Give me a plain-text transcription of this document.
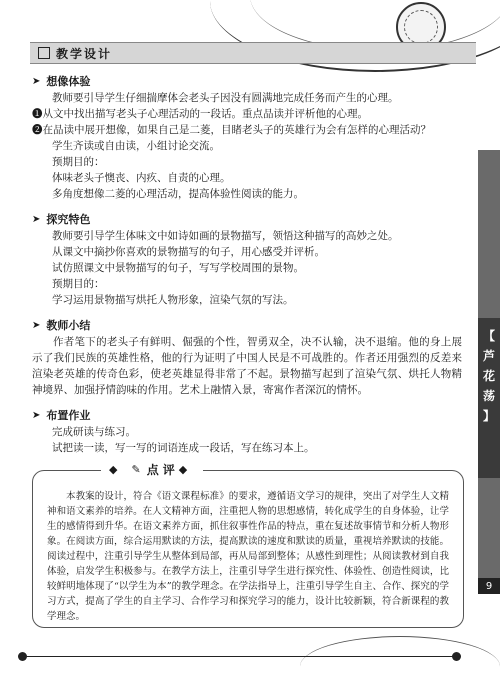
教学设计
➤ 想像体验
教师要引导学生仔细揣摩体会老头子因没有圆满地完成任务而产生的心理。
❶从文中找出描写老头子心理活动的一段话。重点品读并评析他的心理。
❷在品读中展开想像，如果自己是二菱，目睹老头子的英雄行为会有怎样的心理活动？
学生齐读或自由读，小组讨论交流。
预期目的：
体味老头子懊丧、内疚、自责的心理。
多角度想像二菱的心理活动，提高体验性阅读的能力。
➤ 探究特色
教师要引导学生体味文中如诗如画的景物描写，领悟这种描写的高妙之处。
从课文中摘抄你喜欢的景物描写的句子，用心感受并评析。
试仿照课文中景物描写的句子，写写学校周围的景物。
预期目的：
学习运用景物描写烘托人物形象，渲染气氛的写法。
➤ 教师小结
作者笔下的老头子有鲜明、倔强的个性，智勇双全，决不认输，决不退缩。他的身上展示了我们民族的英雄性格，他的行为证明了中国人民是不可战胜的。作者还用强烈的反差来渲染老英雄的传奇色彩，使老英雄显得非常了不起。景物描写起到了渲染气氛、烘托人物精神境界、加强抒情韵味的作用。艺术上融情入景，寄寓作者深沉的情怀。
➤ 布置作业
完成研读与练习。
试把读一读，写一写的词语连成一段话，写在练习本上。
◆ ✎ 点 评 ◆
本教案的设计，符合《语文课程标准》的要求，遵循语文学习的规律，突出了对学生人文精神和语文素养的培养。在人文精神方面，注重把人物的思想感情，转化成学生的自身体验，让学生的感情得到升华。在语文素养方面，抓住叙事性作品的特点，重在复述故事情节和分析人物形象。在阅读方面，综合运用默读的方法，提高默读的速度和默读的质量，重视培养默读的技能。阅读过程中，注重引导学生从整体到局部，再从局部到整体；从感性到理性；从阅读教材到自我体验，启发学生积极参与。在教学方法上，注重引导学生进行探究性、体验性、创造性阅读，比较鲜明地体现了“以学生为本”的教学理念。在学法指导上，注重引导学生自主、合作、探究的学习方式，提高了学生的自主学习、合作学习和探究学习的能力，设计比较新颖，符合新课程的教学理念。
【
芦
花
荡
】
9
